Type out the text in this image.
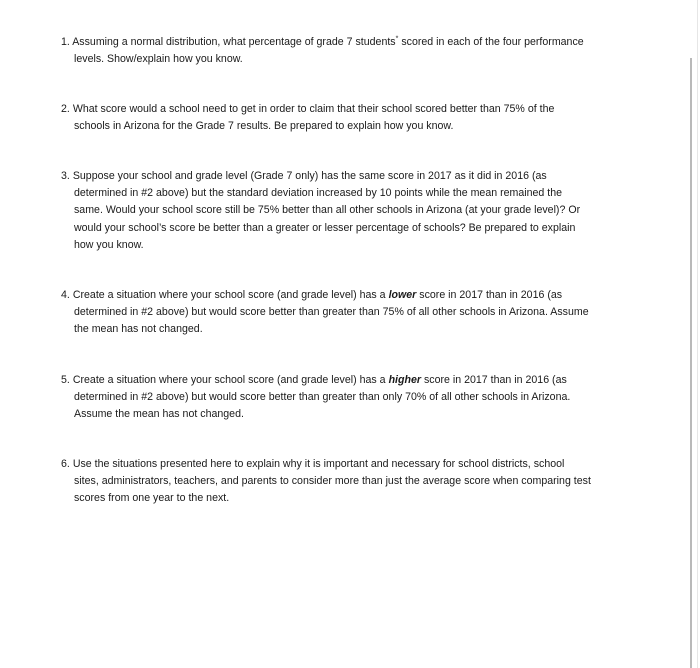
1. Assuming a normal distribution, what percentage of grade 7 students* scored in each of the four performance
levels. Show/explain how you know.
2. What score would a school need to get in order to claim that their school scored better than 75% of the
schools in Arizona for the Grade 7 results. Be prepared to explain how you know.
3. Suppose your school and grade level (Grade 7 only) has the same score in 2017 as it did in 2016 (as
determined in #2 above) but the standard deviation increased by 10 points while the mean remained the
same. Would your school score still be 75% better than all other schools in Arizona (at your grade level)? Or
would your school’s score be better than a greater or lesser percentage of schools? Be prepared to explain
how you know.
4. Create a situation where your school score (and grade level) has a lower score in 2017 than in 2016 (as
determined in #2 above) but would score better than greater than 75% of all other schools in Arizona. Assume
the mean has not changed.
5. Create a situation where your school score (and grade level) has a higher score in 2017 than in 2016 (as
determined in #2 above) but would score better than greater than only 70% of all other schools in Arizona.
Assume the mean has not changed.
6. Use the situations presented here to explain why it is important and necessary for school districts, school
sites, administrators, teachers, and parents to consider more than just the average score when comparing test
scores from one year to the next.
